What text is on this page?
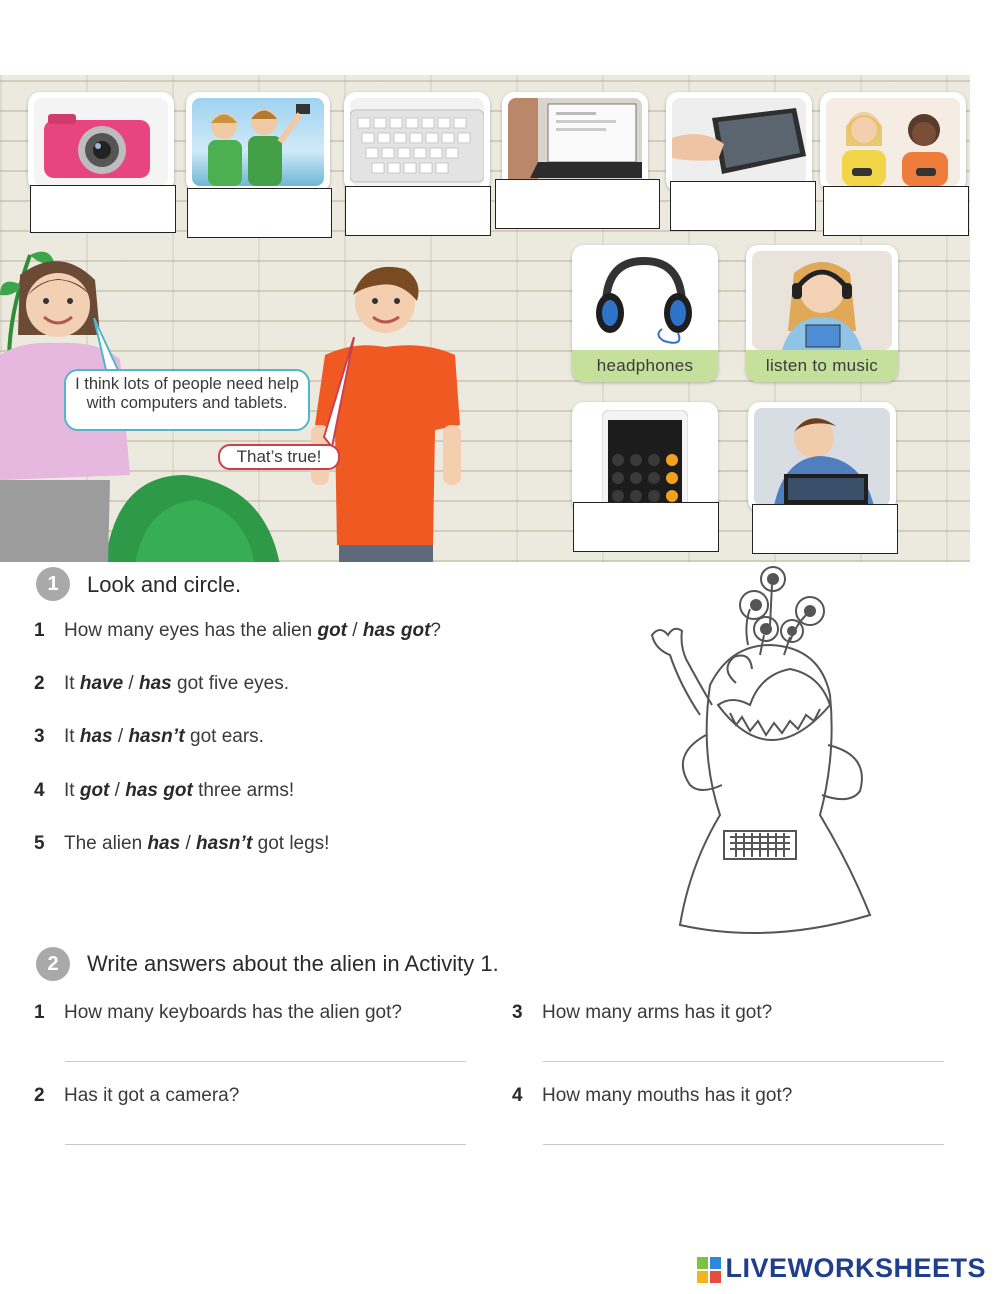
I think lots of people need help with computers and tablets.
That’s true!
headphones	listen to music
1	Look and circle.
1 How many eyes has the alien got / has got?
2 It have / has got five eyes.
3 It has / hasn’t got ears.
4 It got / has got three arms!
5 The alien has / hasn’t got legs!
2	Write answers about the alien in Activity 1.
1 How many keyboards has the alien got?
2 Has it got a camera?
3 How many arms has it got?
4 How many mouths has it got?
LIVEWORKSHEETS
